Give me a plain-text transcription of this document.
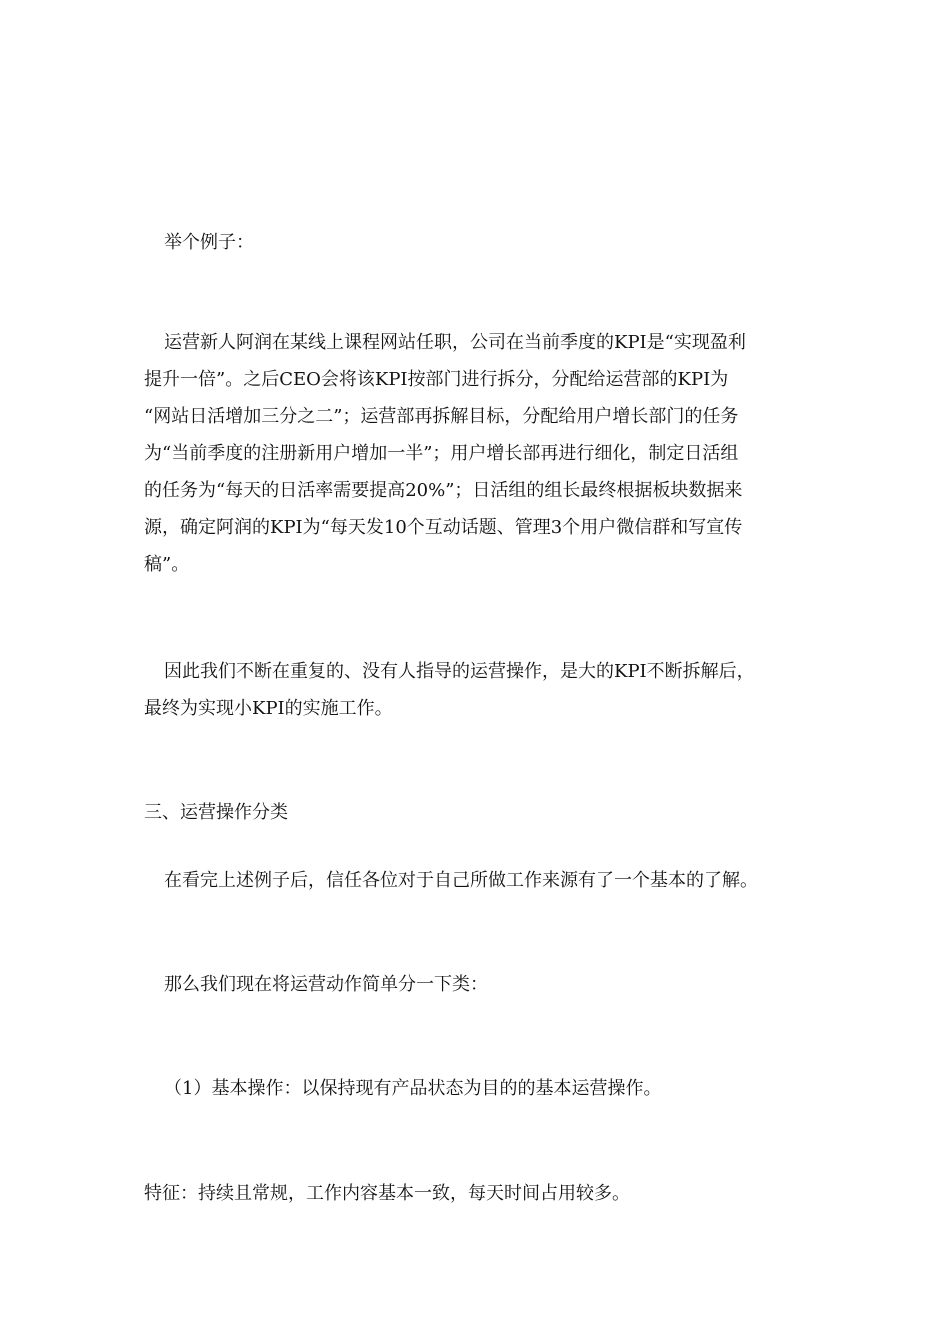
举个例子：

运营新人阿润在某线上课程网站任职，公司在当前季度的KPI是“实现盈利
提升一倍”。之后CEO会将该KPI按部门进行拆分，分配给运营部的KPI为
“网站日活增加三分之二”；运营部再拆解目标，分配给用户增长部门的任务
为“当前季度的注册新用户增加一半”；用户增长部再进行细化，制定日活组
的任务为“每天的日活率需要提高20%”；日活组的组长最终根据板块数据来
源，确定阿润的KPI为“每天发10个互动话题、管理3个用户微信群和写宣传
稿”。

因此我们不断在重复的、没有人指导的运营操作，是大的KPI不断拆解后，
最终为实现小KPI的实施工作。

三、运营操作分类

在看完上述例子后，信任各位对于自己所做工作来源有了一个基本的了解。

那么我们现在将运营动作简单分一下类：

（1）基本操作：以保持现有产品状态为目的的基本运营操作。

特征：持续且常规，工作内容基本一致，每天时间占用较多。
